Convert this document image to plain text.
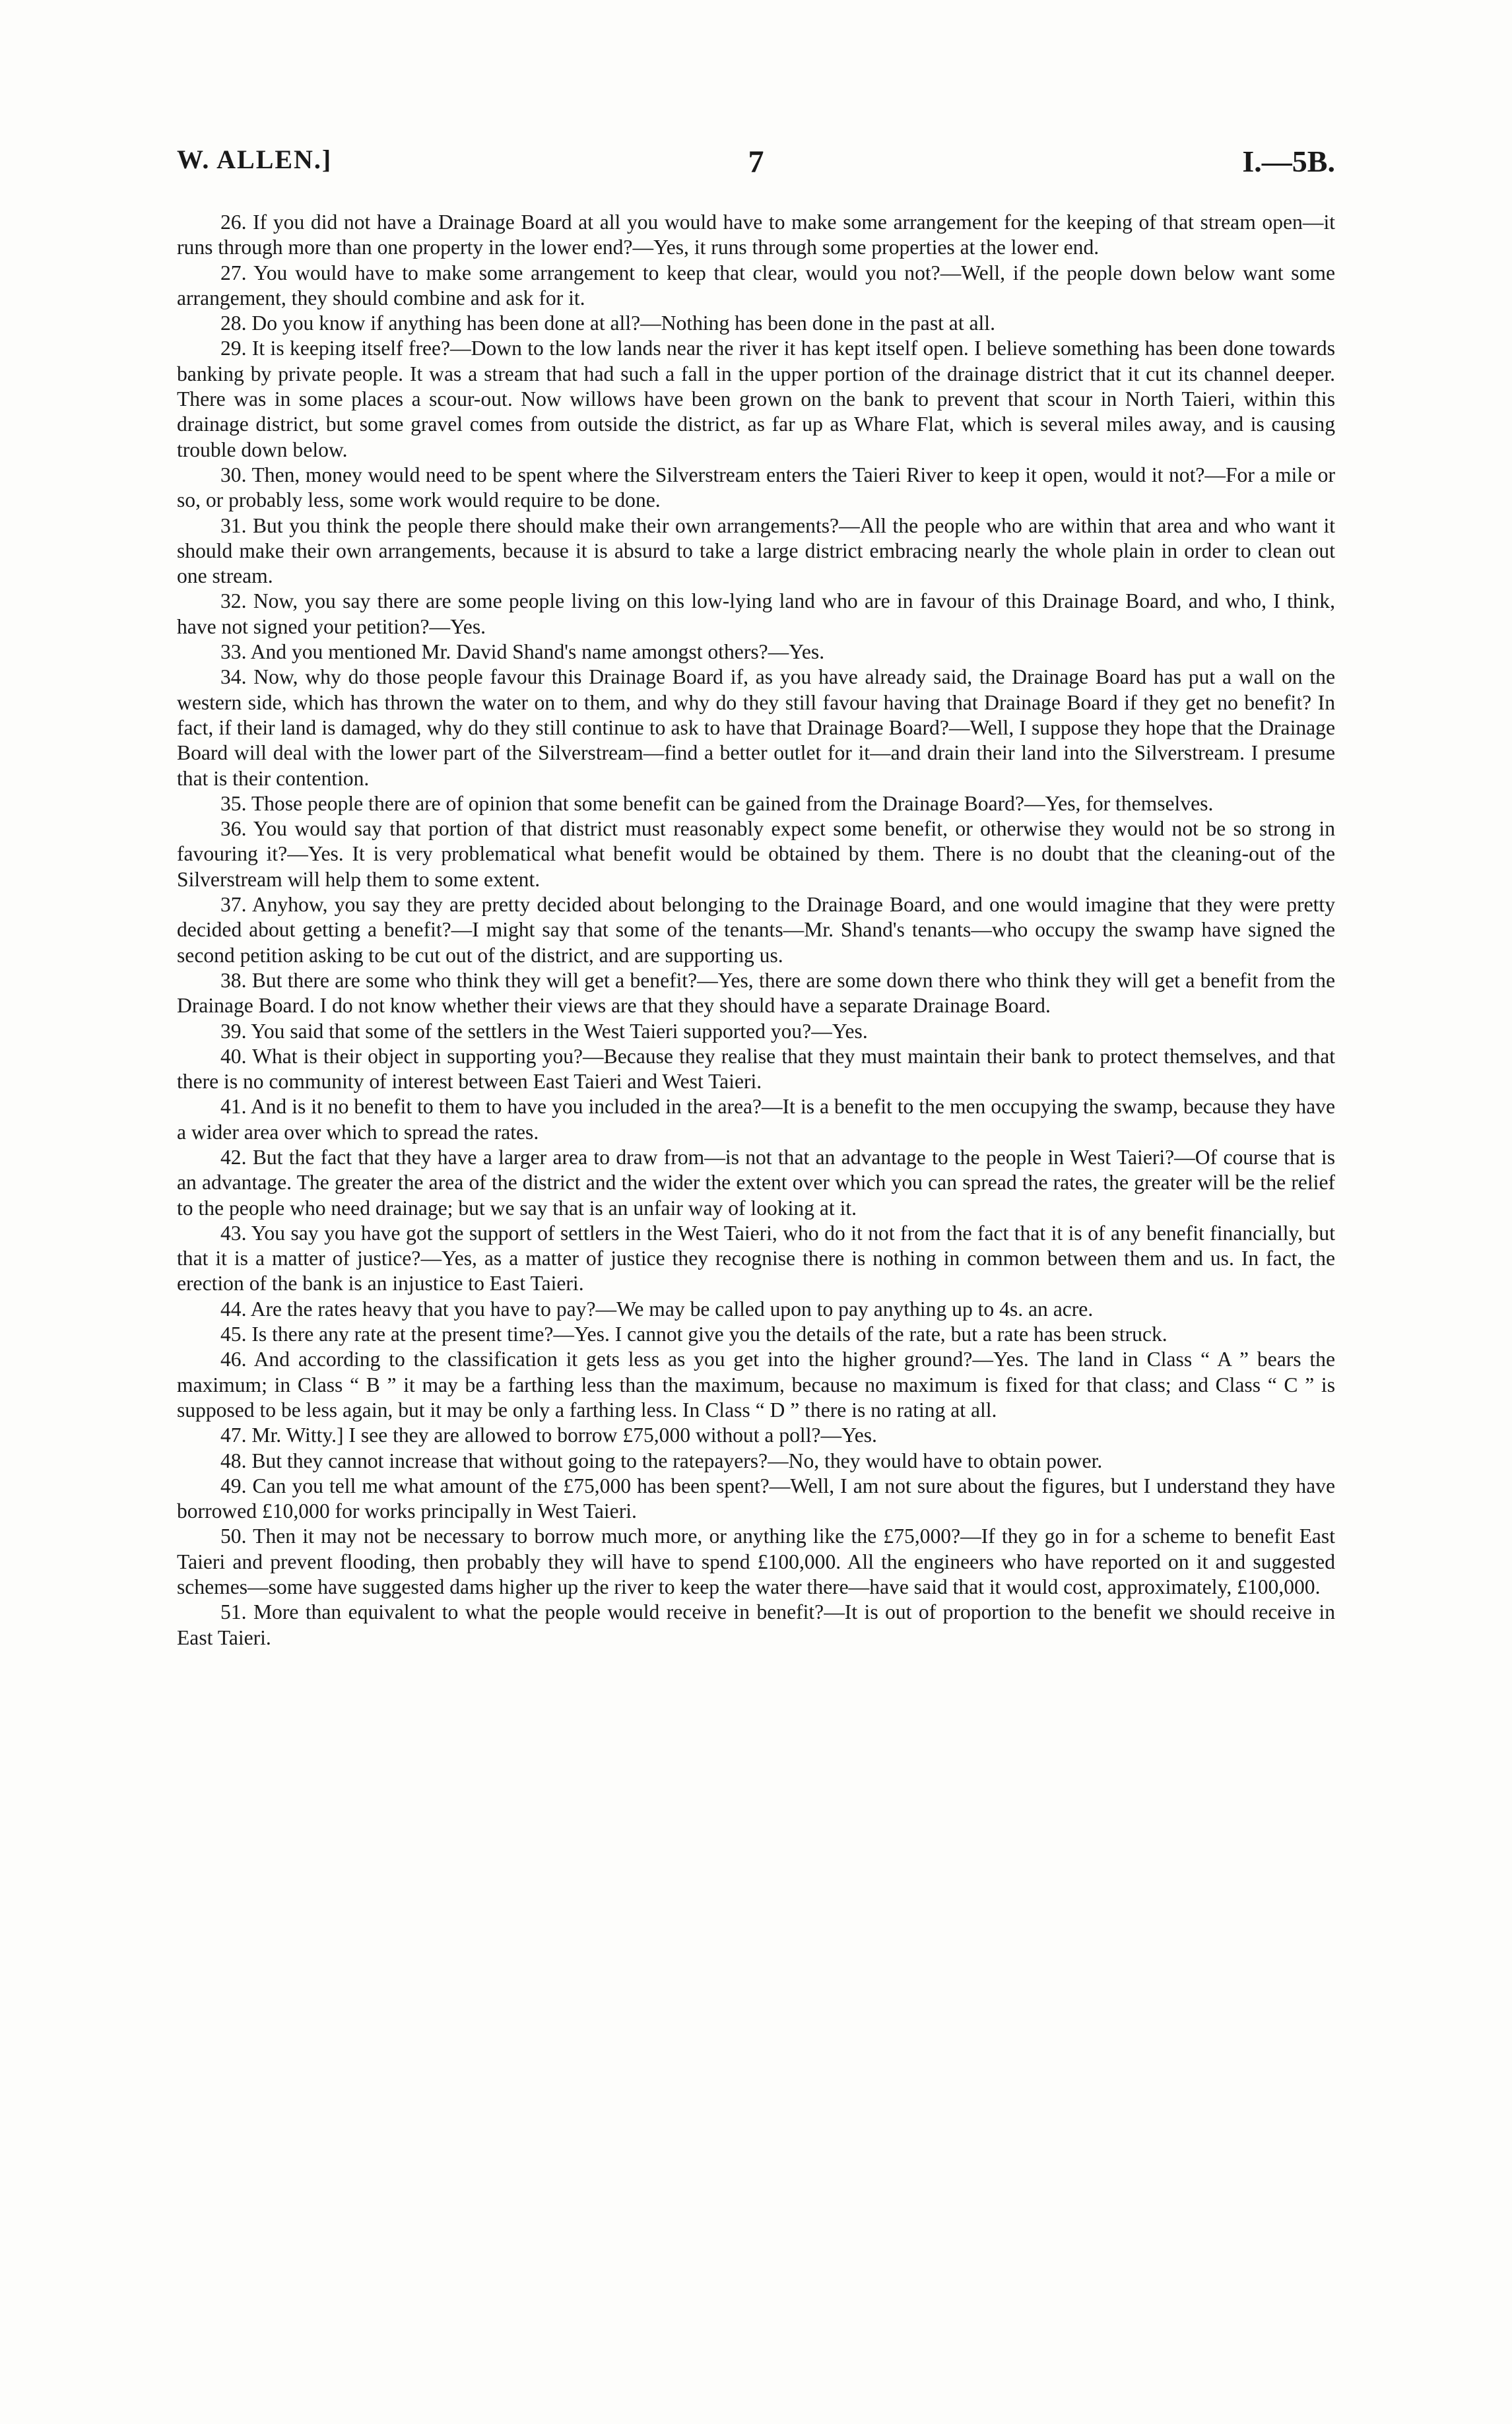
W. ALLEN.]	7	I.—5B.

26. If you did not have a Drainage Board at all you would have to make some arrangement for the keeping of that stream open—it runs through more than one property in the lower end?—Yes, it runs through some properties at the lower end.

27. You would have to make some arrangement to keep that clear, would you not?—Well, if the people down below want some arrangement, they should combine and ask for it.

28. Do you know if anything has been done at all?—Nothing has been done in the past at all.

29. It is keeping itself free?—Down to the low lands near the river it has kept itself open. I believe something has been done towards banking by private people. It was a stream that had such a fall in the upper portion of the drainage district that it cut its channel deeper. There was in some places a scour-out. Now willows have been grown on the bank to prevent that scour in North Taieri, within this drainage district, but some gravel comes from outside the district, as far up as Whare Flat, which is several miles away, and is causing trouble down below.

30. Then, money would need to be spent where the Silverstream enters the Taieri River to keep it open, would it not?—For a mile or so, or probably less, some work would require to be done.

31. But you think the people there should make their own arrangements?—All the people who are within that area and who want it should make their own arrangements, because it is absurd to take a large district embracing nearly the whole plain in order to clean out one stream.

32. Now, you say there are some people living on this low-lying land who are in favour of this Drainage Board, and who, I think, have not signed your petition?—Yes.

33. And you mentioned Mr. David Shand's name amongst others?—Yes.

34. Now, why do those people favour this Drainage Board if, as you have already said, the Drainage Board has put a wall on the western side, which has thrown the water on to them, and why do they still favour having that Drainage Board if they get no benefit? In fact, if their land is damaged, why do they still continue to ask to have that Drainage Board?—Well, I suppose they hope that the Drainage Board will deal with the lower part of the Silverstream—find a better outlet for it—and drain their land into the Silverstream. I presume that is their contention.

35. Those people there are of opinion that some benefit can be gained from the Drainage Board?—Yes, for themselves.

36. You would say that portion of that district must reasonably expect some benefit, or otherwise they would not be so strong in favouring it?—Yes. It is very problematical what benefit would be obtained by them. There is no doubt that the cleaning-out of the Silverstream will help them to some extent.

37. Anyhow, you say they are pretty decided about belonging to the Drainage Board, and one would imagine that they were pretty decided about getting a benefit?—I might say that some of the tenants—Mr. Shand's tenants—who occupy the swamp have signed the second petition asking to be cut out of the district, and are supporting us.

38. But there are some who think they will get a benefit?—Yes, there are some down there who think they will get a benefit from the Drainage Board. I do not know whether their views are that they should have a separate Drainage Board.

39. You said that some of the settlers in the West Taieri supported you?—Yes.

40. What is their object in supporting you?—Because they realise that they must maintain their bank to protect themselves, and that there is no community of interest between East Taieri and West Taieri.

41. And is it no benefit to them to have you included in the area?—It is a benefit to the men occupying the swamp, because they have a wider area over which to spread the rates.

42. But the fact that they have a larger area to draw from—is not that an advantage to the people in West Taieri?—Of course that is an advantage. The greater the area of the district and the wider the extent over which you can spread the rates, the greater will be the relief to the people who need drainage; but we say that is an unfair way of looking at it.

43. You say you have got the support of settlers in the West Taieri, who do it not from the fact that it is of any benefit financially, but that it is a matter of justice?—Yes, as a matter of justice they recognise there is nothing in common between them and us. In fact, the erection of the bank is an injustice to East Taieri.

44. Are the rates heavy that you have to pay?—We may be called upon to pay anything up to 4s. an acre.

45. Is there any rate at the present time?—Yes. I cannot give you the details of the rate, but a rate has been struck.

46. And according to the classification it gets less as you get into the higher ground?—Yes. The land in Class “ A ” bears the maximum; in Class “ B ” it may be a farthing less than the maximum, because no maximum is fixed for that class; and Class “ C ” is supposed to be less again, but it may be only a farthing less. In Class “ D ” there is no rating at all.

47. Mr. Witty.] I see they are allowed to borrow £75,000 without a poll?—Yes.

48. But they cannot increase that without going to the ratepayers?—No, they would have to obtain power.

49. Can you tell me what amount of the £75,000 has been spent?—Well, I am not sure about the figures, but I understand they have borrowed £10,000 for works principally in West Taieri.

50. Then it may not be necessary to borrow much more, or anything like the £75,000?—If they go in for a scheme to benefit East Taieri and prevent flooding, then probably they will have to spend £100,000. All the engineers who have reported on it and suggested schemes—some have suggested dams higher up the river to keep the water there—have said that it would cost, approximately, £100,000.

51. More than equivalent to what the people would receive in benefit?—It is out of proportion to the benefit we should receive in East Taieri.
